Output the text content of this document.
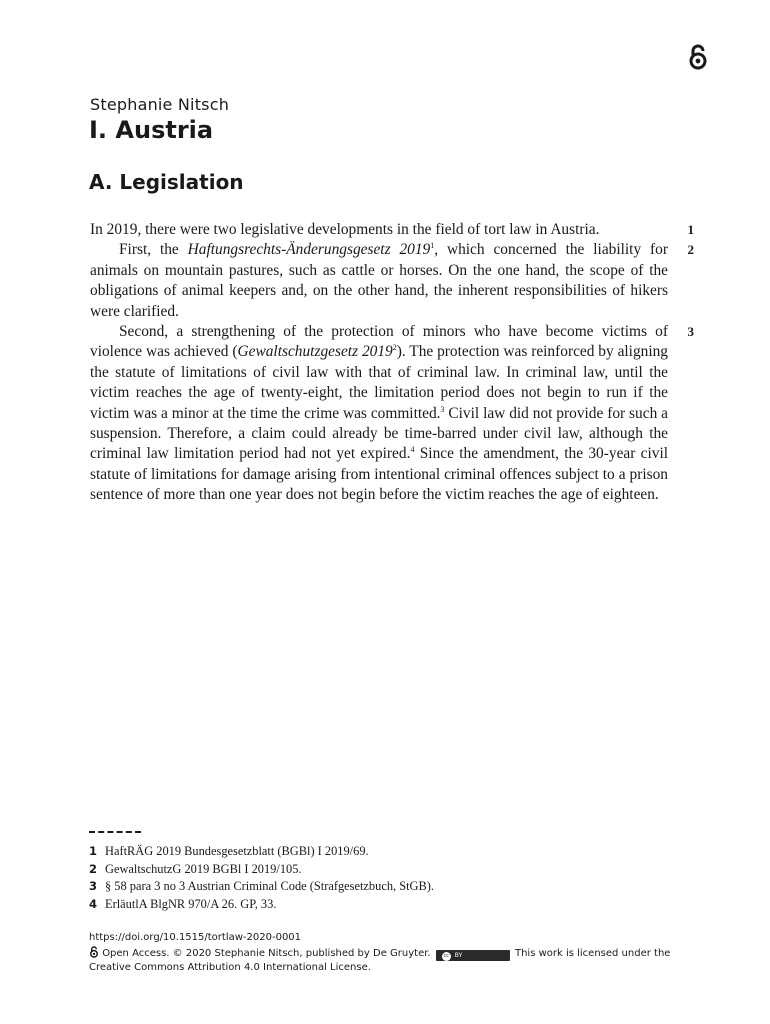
Stephanie Nitsch
I. Austria
A. Legislation

In 2019, there were two legislative developments in the field of tort law in Austria.	1

First, the Haftungsrechts-Änderungsgesetz 2019$^1$, which concerned the liability for animals on mountain pastures, such as cattle or horses. On the one hand, the scope of the obligations of animal keepers and, on the other hand, the inherent responsibilities of hikers were clarified.
2

Second, a strengthening of the protection of minors who have become victims of violence was achieved (Gewaltschutzgesetz 2019$^2$). The protection was reinforced by aligning the statute of limitations of civil law with that of criminal law. In criminal law, until the victim reaches the age of twenty-eight, the limitation period does not begin to run if the victim was a minor at the time the crime was committed.$^3$ Civil law did not provide for such a suspension. Therefore, a claim could already be time-barred under civil law, although the criminal law limitation period had not yet expired.$^4$ Since the amendment, the 30-year civil statute of limitations for damage arising from intentional criminal offences subject to a prison sentence of more than one year does not begin before the victim reaches the age of eighteen.
3

1 HaftRÄG 2019 Bundesgesetzblatt (BGBl) I 2019/69.
2 GewaltschutzG 2019 BGBl I 2019/105.
3 § 58 para 3 no 3 Austrian Criminal Code (Strafgesetzbuch, StGB).
4 ErläutlA BlgNR 970/A 26. GP, 33.
https://doi.org/10.1515/tortlaw-2020-0001
Open Access. © 2020 Stephanie Nitsch, published by De Gruyter.	cc BY	This work is licensed under the
Creative Commons Attribution 4.0 International License.
